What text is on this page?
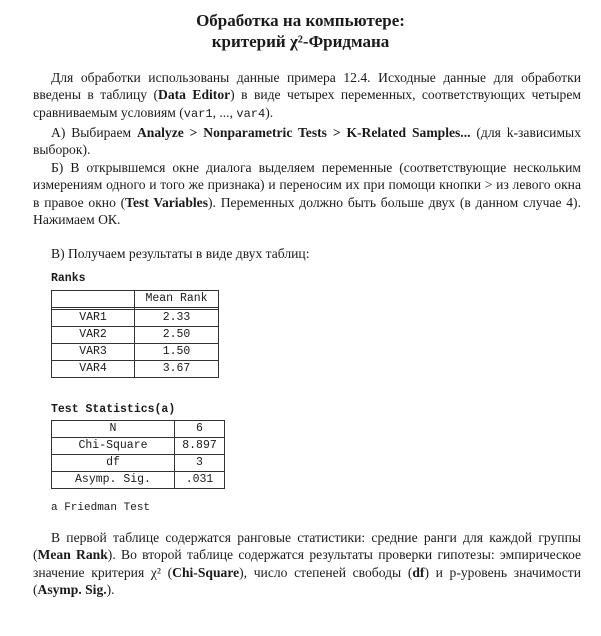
Обработка на компьютере:
критерий χ²-Фридмана
Для обработки использованы данные примера 12.4. Исходные данные для обработки введены в таблицу (Data Editor) в виде четырех переменных, соответствующих четырем сравниваемым условиям (var1, ..., var4).
А) Выбираем Analyze > Nonparametric Tests > K-Related Samples... (для k-зависимых выборок).
Б) В открывшемся окне диалога выделяем переменные (соответствующие нескольким измерениям одного и того же признака) и переносим их при помощи кнопки > из левого окна в правое окно (Test Variables). Переменных должно быть больше двух (в данном случае 4). Нажимаем ОК.
В) Получаем результаты в виде двух таблиц:
Ranks
	Mean Rank

VAR1	2.33
VAR2	2.50
VAR3	1.50
VAR4	3.67
Test Statistics(a)
N	6
Chi-Square	8.897
df	3
Asymp. Sig.	.031
a Friedman Test
В первой таблице содержатся ранговые статистики: средние ранги для каждой группы (Mean Rank). Во второй таблице содержатся результаты проверки гипотезы: эмпирическое значение критерия χ² (Chi-Square), число степеней свободы (df) и p-уровень значимости (Asymp. Sig.).
